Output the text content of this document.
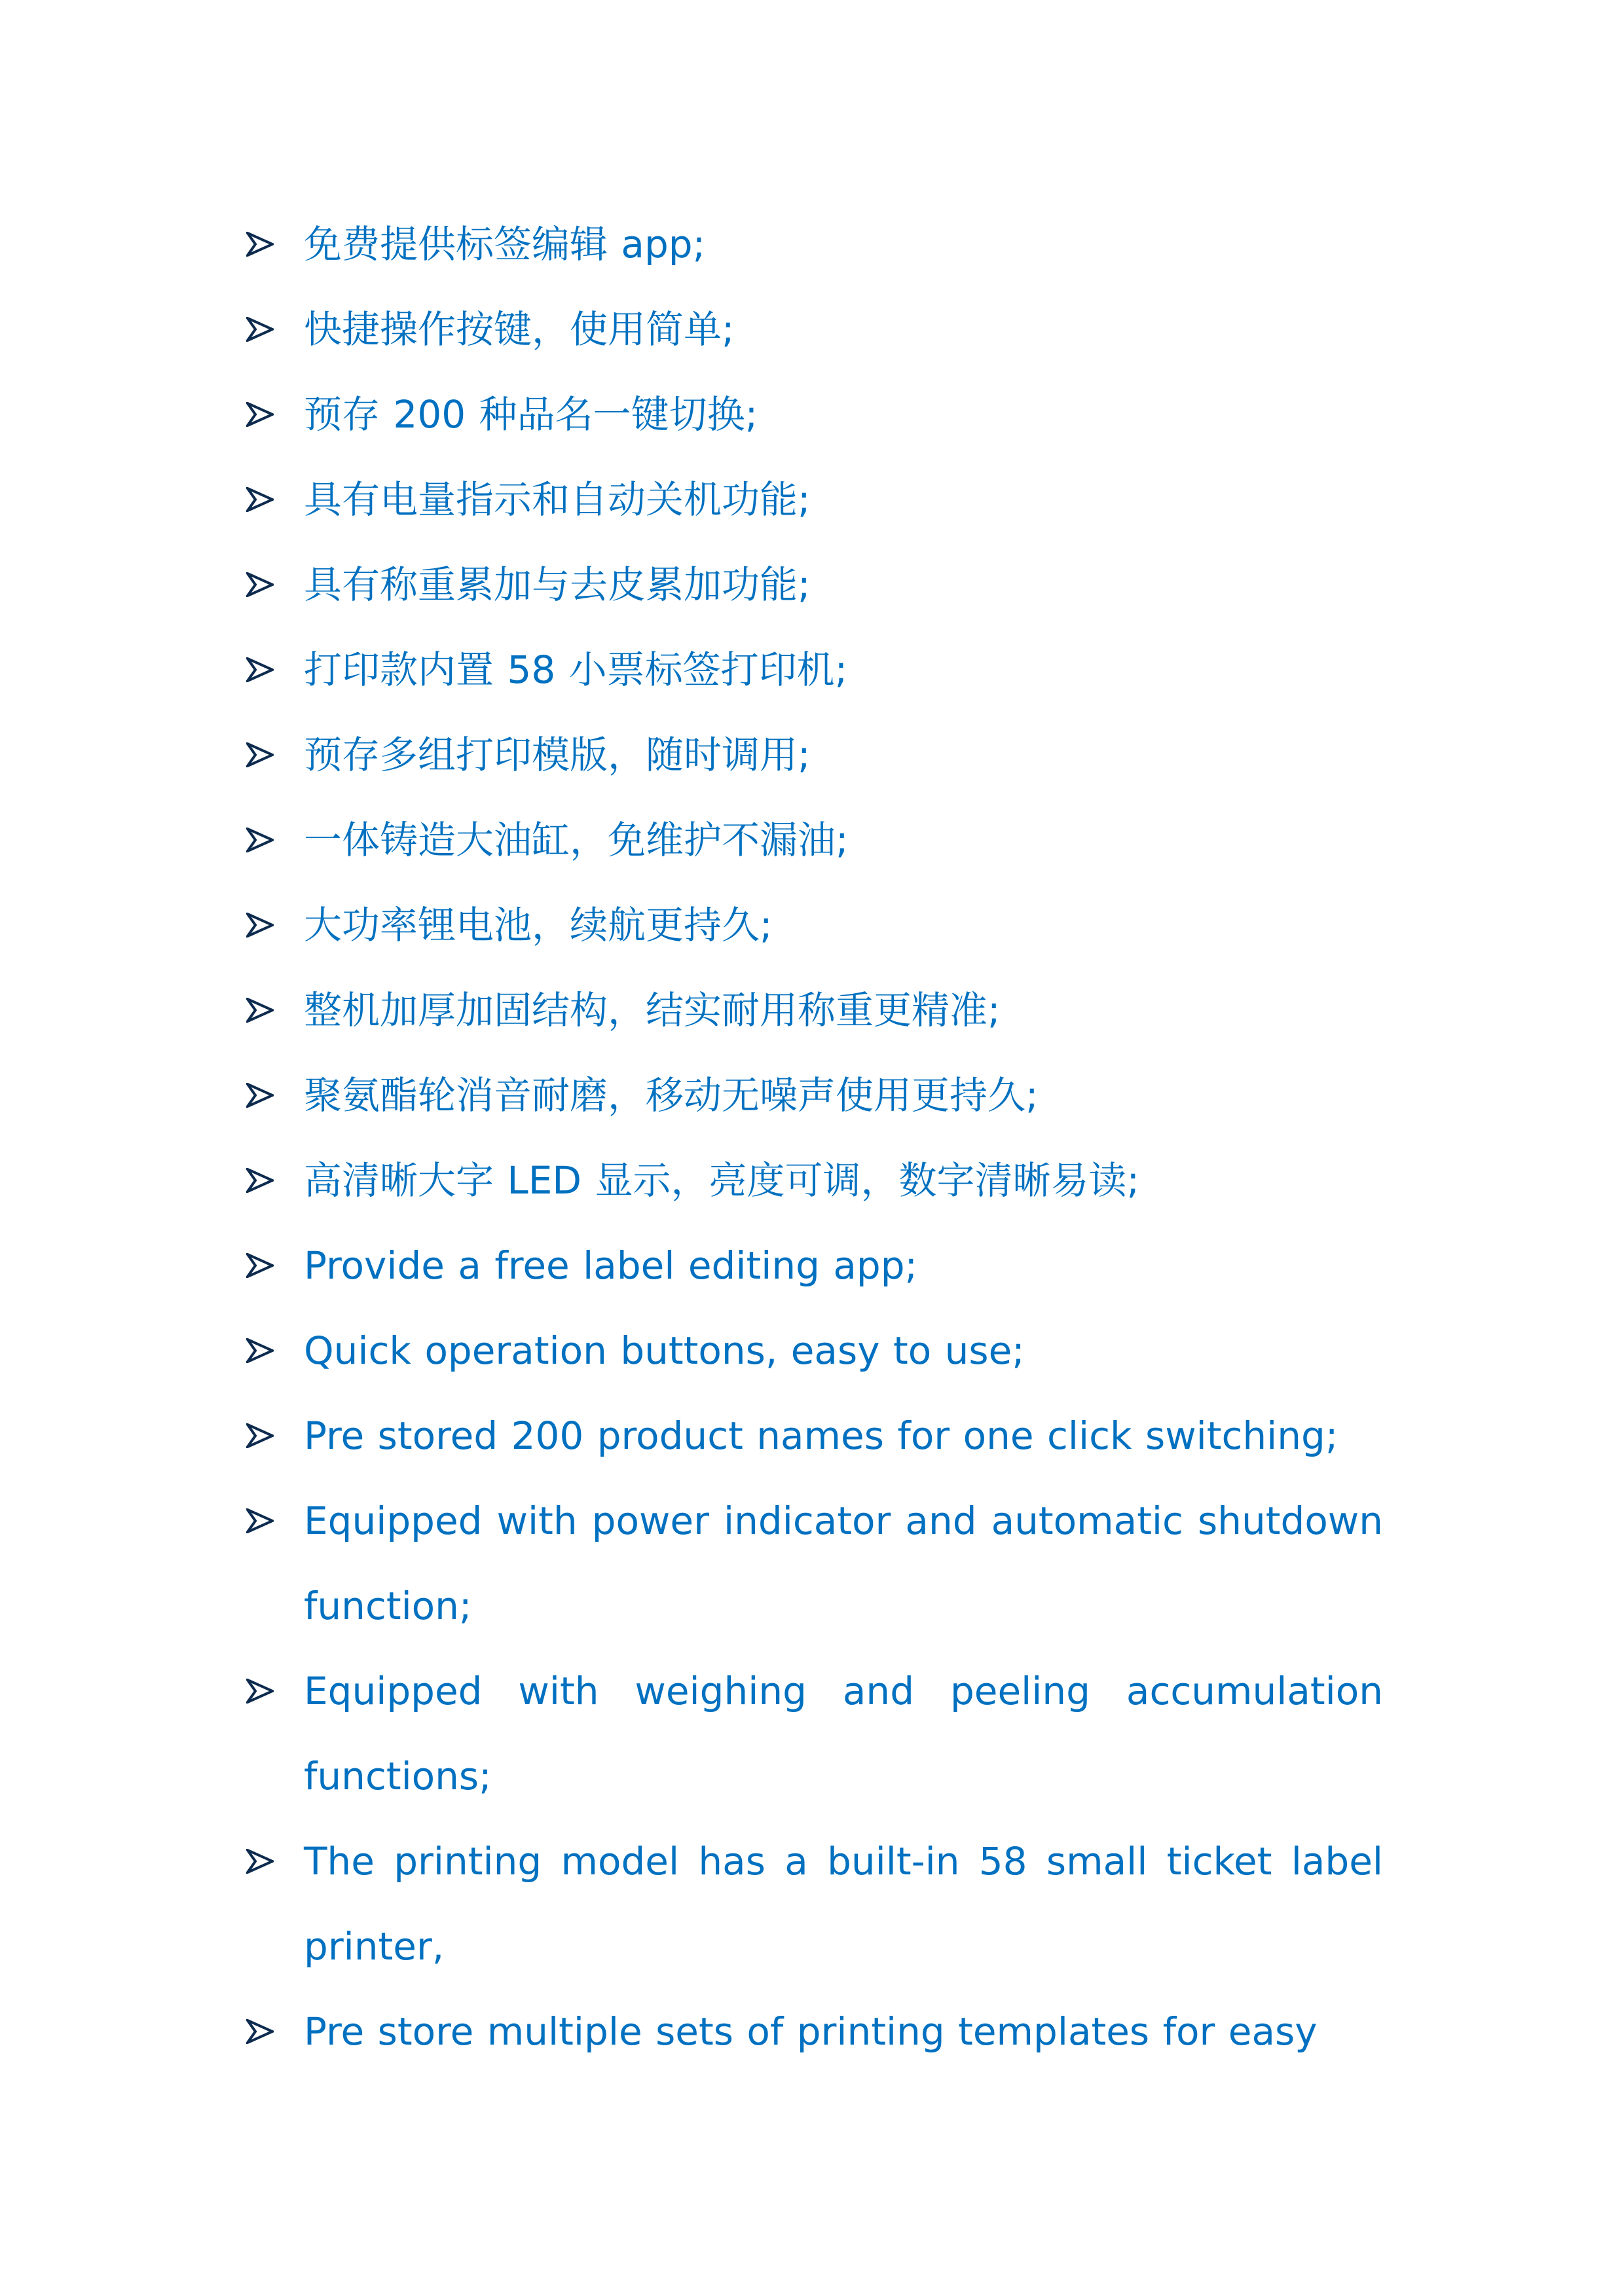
免费提供标签编辑 app;
快捷操作按键，使用简单;
预存 200 种品名一键切换;
具有电量指示和自动关机功能;
具有称重累加与去皮累加功能;
打印款内置 58 小票标签打印机;
预存多组打印模版，随时调用;
一体铸造大油缸，免维护不漏油;
大功率锂电池，续航更持久;
整机加厚加固结构，结实耐用称重更精准;
聚氨酯轮消音耐磨，移动无噪声使用更持久;
高清晰大字 LED 显示，亮度可调，数字清晰易读;
Provide a free label editing app;
Quick operation buttons, easy to use;
Pre stored 200 product names for one click switching;
Equipped with power indicator and automatic shutdown function;
Equipped with weighing and peeling accumulation functions;
The printing model has a built-in 58 small ticket label printer,
Pre store multiple sets of printing templates for easy
